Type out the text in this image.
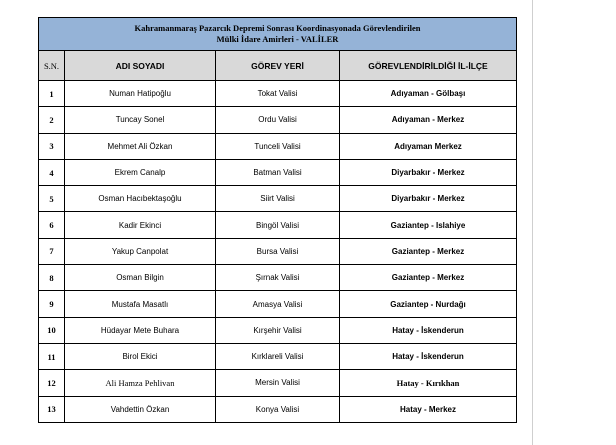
Kahramanmaraş Pazarcık Depremi Sonrası Koordinasyonada Görevlendirilen
Mülki İdare Amirleri - VALİLER			

S.N.	ADI SOYADI	GÖREV YERİ	GÖREVLENDİRİLDİĞİ İL-İLÇE
1	Numan Hatipoğlu	Tokat Valisi	Adıyaman - Gölbaşı
2	Tuncay Sonel	Ordu Valisi	Adıyaman - Merkez
3	Mehmet Ali Özkan	Tunceli Valisi	Adıyaman Merkez
4	Ekrem Canalp	Batman Valisi	Diyarbakır - Merkez
5	Osman Hacıbektaşoğlu	Siirt Valisi	Diyarbakır - Merkez
6	Kadir Ekinci	Bingöl Valisi	Gaziantep - Islahiye
7	Yakup Canpolat	Bursa Valisi	Gaziantep - Merkez
8	Osman Bilgin	Şırnak Valisi	Gaziantep - Merkez
9	Mustafa Masatlı	Amasya Valisi	Gaziantep - Nurdağı
10	Hüdayar Mete Buhara	Kırşehir Valisi	Hatay - İskenderun
11	Birol Ekici	Kırklareli Valisi	Hatay - İskenderun
12	Ali Hamza Pehlivan	Mersin Valisi	Hatay - Kırıkhan
13	Vahdettin Özkan	Konya Valisi	Hatay - Merkez
